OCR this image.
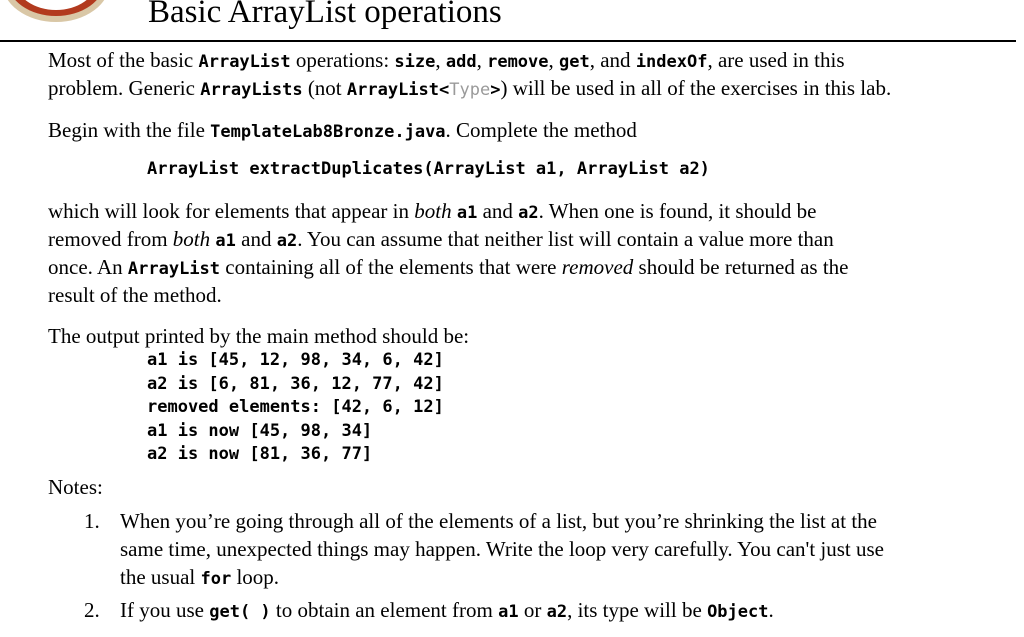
Basic ArrayList operations

Most of the basic ArrayList operations: size, add, remove, get, and indexOf, are used in this

problem. Generic ArrayLists (not ArrayList<Type>) will be used in all of the exercises in this lab.

Begin with the file TemplateLab8Bronze.java. Complete the method

ArrayList extractDuplicates(ArrayList a1, ArrayList a2)

which will look for elements that appear in both a1 and a2. When one is found, it should be

removed from both a1 and a2. You can assume that neither list will contain a value more than

once. An ArrayList containing all of the elements that were removed should be returned as the

result of the method.

The output printed by the main method should be:

a1 is [45, 12, 98, 34, 6, 42]
a2 is [6, 81, 36, 12, 77, 42]
removed elements: [42, 6, 12]
a1 is now [45, 98, 34]
a2 is now [81, 36, 77]

Notes:

1. When you’re going through all of the elements of a list, but you’re shrinking the list at the
same time, unexpected things may happen. Write the loop very carefully. You can't just use
the usual for loop.
2. If you use get( ) to obtain an element from a1 or a2, its type will be Object.
